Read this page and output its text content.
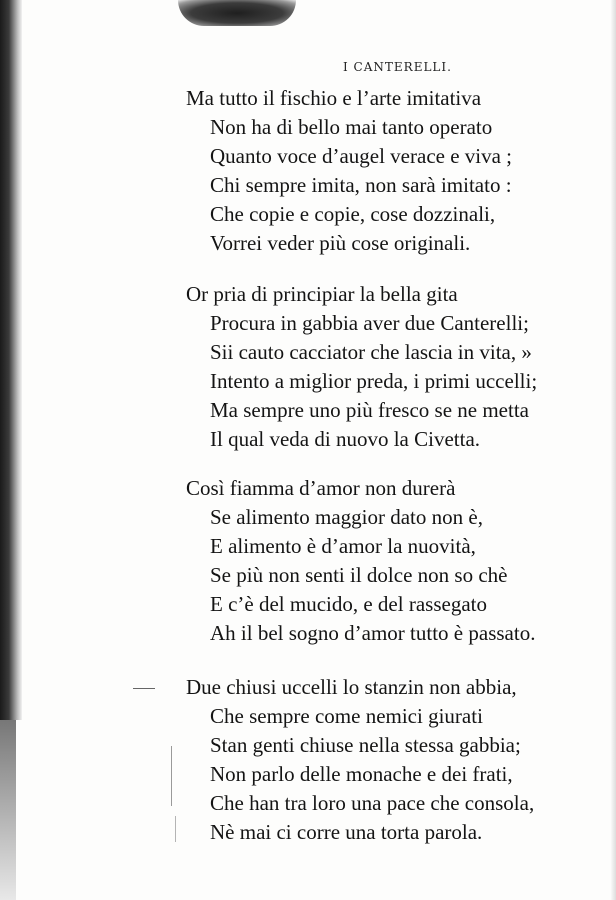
I CANTERELLI.
Ma tutto il fischio e l’arte imitativa
Non ha di bello mai tanto operato
Quanto voce d’augel verace e viva ;
Chi sempre imita, non sarà imitato :
Che copie e copie, cose dozzinali,
Vorrei veder più cose originali.
Or pria di principiar la bella gita
Procura in gabbia aver due Canterelli;
Sii cauto cacciator che lascia in vita, »
Intento a miglior preda, i primi uccelli;
Ma sempre uno più fresco se ne metta
Il qual veda di nuovo la Civetta.
Così fiamma d’amor non durerà
Se alimento maggior dato non è,
E alimento è d’amor la nuovità,
Se più non senti il dolce non so chè
E c’è del mucido, e del rassegato
Ah il bel sogno d’amor tutto è passato.
Due chiusi uccelli lo stanzin non abbia,
Che sempre come nemici giurati
Stan genti chiuse nella stessa gabbia;
Non parlo delle monache e dei frati,
Che han tra loro una pace che consola,
Nè mai ci corre una torta parola.
